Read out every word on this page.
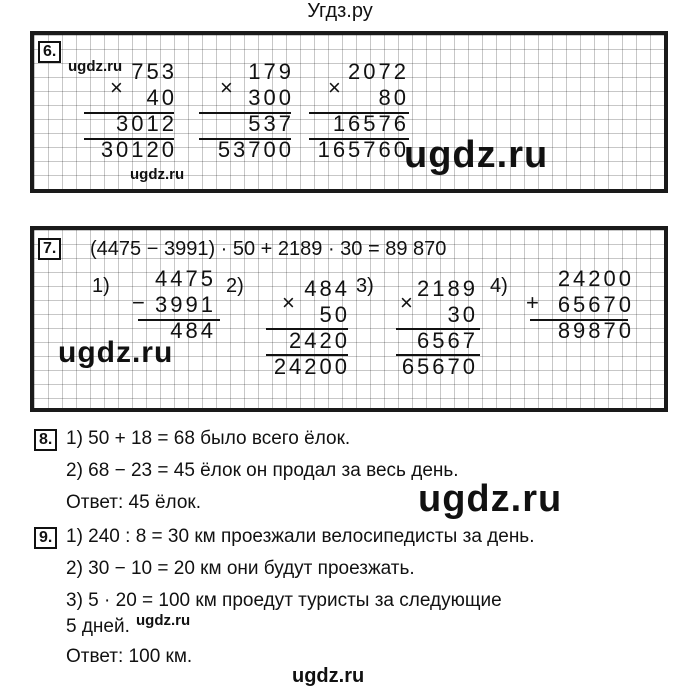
Угдз.ру
6.
×
753
40
3012
30120
×
179
300
537
53700
×
2072
80
16576
165760
ugdz.ru
ugdz.ru
ugdz.ru
7. (4475 − 3991) · 50 + 2189 · 30 = 89 870
1)
−
4475
3991
484
2)
×
484
50
2420
24200
3)
×
2189
30
6567
65670
4)
+
24200
65670
89870
ugdz.ru
8. 1) 50 + 18 = 68 было всего ёлок.
2) 68 − 23 = 45 ёлок он продал за весь день.
Ответ: 45 ёлок.	ugdz.ru
9. 1) 240 : 8 = 30 км проезжали велосипедисты за день.
2) 30 − 10 = 20 км они будут проезжать.
3) 5 · 20 = 100 км проедут туристы за следующие
5 дней.
Ответ: 100 км.
ugdz.ru
ugdz.ru
